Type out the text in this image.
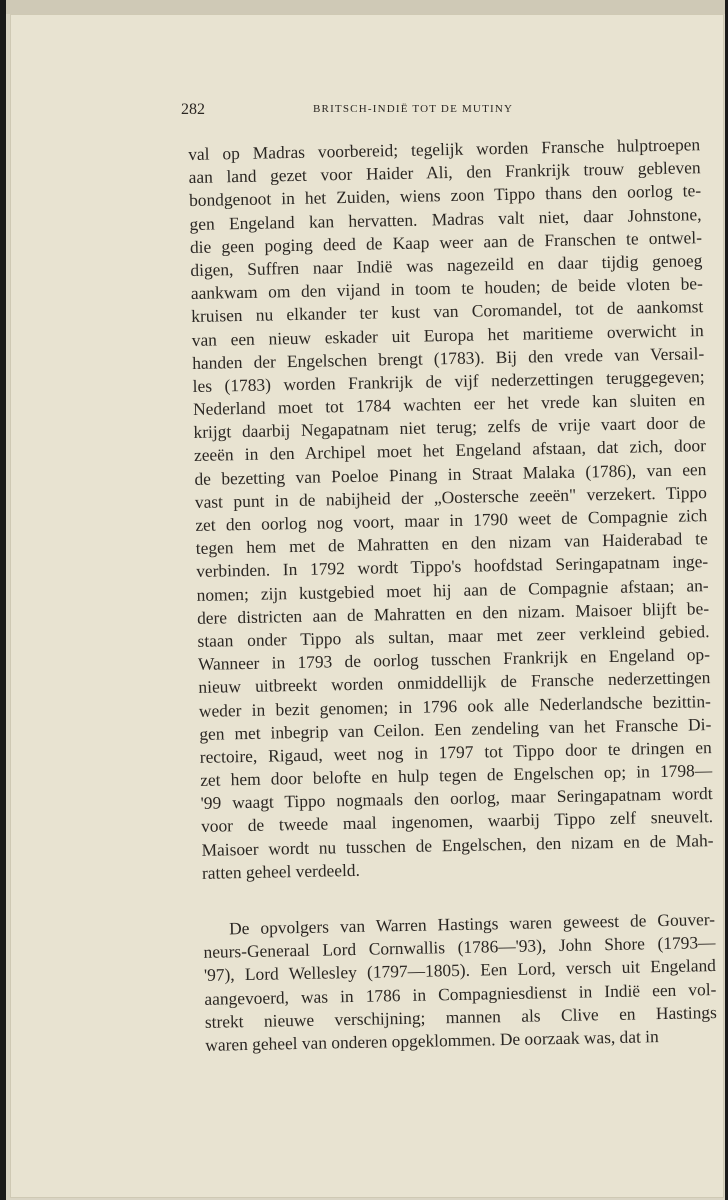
282	BRITSCH-INDIË TOT DE MUTINY
val op Madras voorbereid; tegelijk worden Fransche hulptroepen
aan land gezet voor Haider Ali, den Frankrijk trouw gebleven
bondgenoot in het Zuiden, wiens zoon Tippo thans den oorlog te-
gen Engeland kan hervatten. Madras valt niet, daar Johnstone,
die geen poging deed de Kaap weer aan de Franschen te ontwel-
digen, Suffren naar Indië was nagezeild en daar tijdig genoeg
aankwam om den vijand in toom te houden; de beide vloten be-
kruisen nu elkander ter kust van Coromandel, tot de aankomst
van een nieuw eskader uit Europa het maritieme overwicht in
handen der Engelschen brengt (1783). Bij den vrede van Versail-
les (1783) worden Frankrijk de vijf nederzettingen teruggegeven;
Nederland moet tot 1784 wachten eer het vrede kan sluiten en
krijgt daarbij Negapatnam niet terug; zelfs de vrije vaart door de
zeeën in den Archipel moet het Engeland afstaan, dat zich, door
de bezetting van Poeloe Pinang in Straat Malaka (1786), van een
vast punt in de nabijheid der „Oostersche zeeën" verzekert. Tippo
zet den oorlog nog voort, maar in 1790 weet de Compagnie zich
tegen hem met de Mahratten en den nizam van Haiderabad te
verbinden. In 1792 wordt Tippo's hoofdstad Seringapatnam inge-
nomen; zijn kustgebied moet hij aan de Compagnie afstaan; an-
dere districten aan de Mahratten en den nizam. Maisoer blijft be-
staan onder Tippo als sultan, maar met zeer verkleind gebied.
Wanneer in 1793 de oorlog tusschen Frankrijk en Engeland op-
nieuw uitbreekt worden onmiddellijk de Fransche nederzettingen
weder in bezit genomen; in 1796 ook alle Nederlandsche bezittin-
gen met inbegrip van Ceilon. Een zendeling van het Fransche Di-
rectoire, Rigaud, weet nog in 1797 tot Tippo door te dringen en
zet hem door belofte en hulp tegen de Engelschen op; in 1798—
'99 waagt Tippo nogmaals den oorlog, maar Seringapatnam wordt
voor de tweede maal ingenomen, waarbij Tippo zelf sneuvelt.
Maisoer wordt nu tusschen de Engelschen, den nizam en de Mah-
ratten geheel verdeeld.
De opvolgers van Warren Hastings waren geweest de Gouver-
neurs-Generaal Lord Cornwallis (1786—'93), John Shore (1793—
'97), Lord Wellesley (1797—1805). Een Lord, versch uit Engeland
aangevoerd, was in 1786 in Compagniesdienst in Indië een vol-
strekt nieuwe verschijning; mannen als Clive en Hastings
waren geheel van onderen opgeklommen. De oorzaak was, dat in
